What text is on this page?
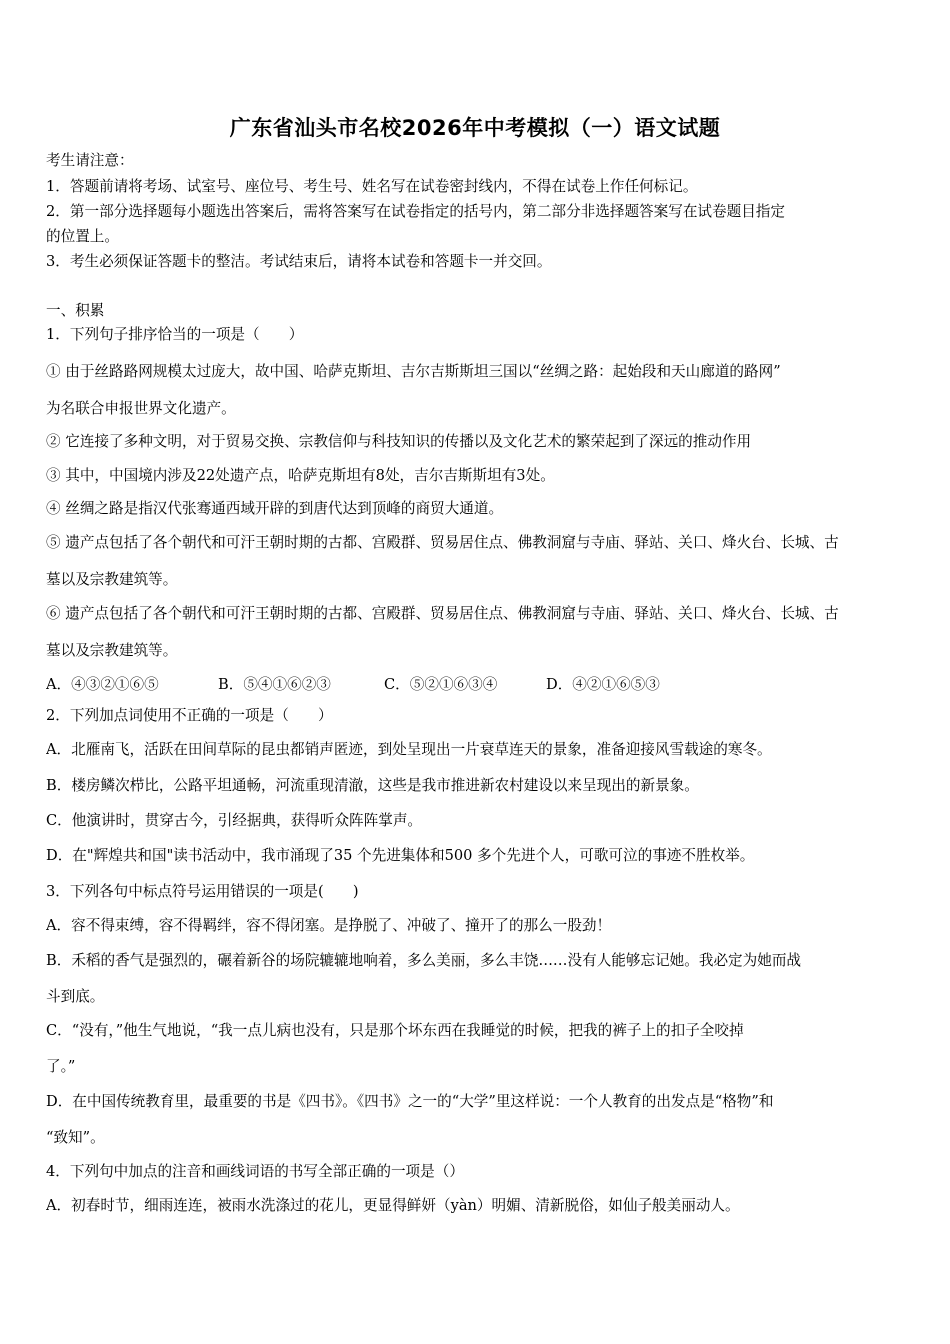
广东省汕头市名校2026年中考模拟（一）语文试题
考生请注意：
1．答题前请将考场、试室号、座位号、考生号、姓名写在试卷密封线内，不得在试卷上作任何标记。
2．第一部分选择题每小题选出答案后，需将答案写在试卷指定的括号内，第二部分非选择题答案写在试卷题目指定
的位置上。
3．考生必须保证答题卡的整洁。考试结束后，请将本试卷和答题卡一并交回。
一、积累
1．下列句子排序恰当的一项是（　　）
① 由于丝路路网规模太过庞大，故中国、哈萨克斯坦、吉尔吉斯斯坦三国以“丝绸之路：起始段和天山廊道的路网”
为名联合申报世界文化遗产。
② 它连接了多种文明，对于贸易交换、宗教信仰与科技知识的传播以及文化艺术的繁荣起到了深远的推动作用
③ 其中，中国境内涉及22处遗产点，哈萨克斯坦有8处，吉尔吉斯斯坦有3处。
④ 丝绸之路是指汉代张骞通西域开辟的到唐代达到顶峰的商贸大通道。
⑤ 遗产点包括了各个朝代和可汗王朝时期的古都、宫殿群、贸易居住点、佛教洞窟与寺庙、驿站、关口、烽火台、长城、古
墓以及宗教建筑等。
⑥ 遗产点包括了各个朝代和可汗王朝时期的古都、宫殿群、贸易居住点、佛教洞窟与寺庙、驿站、关口、烽火台、长城、古
墓以及宗教建筑等。
A．④③②①⑥⑤	B．⑤④①⑥②③	C．⑤②①⑥③④	D．④②①⑥⑤③
2．下列加点词使用不正确的一项是（　　）
A．北雁南飞，活跃在田间草际的昆虫都销声匿迹，到处呈现出一片衰草连天的景象，准备迎接风雪载途的寒冬。
B．楼房鳞次栉比，公路平坦通畅，河流重现清澈，这些是我市推进新农村建设以来呈现出的新景象。
C．他演讲时，贯穿古今，引经据典，获得听众阵阵掌声。
D．在"辉煌共和国"读书活动中，我市涌现了35 个先进集体和500 多个先进个人，可歌可泣的事迹不胜枚举。
3．下列各句中标点符号运用错误的一项是(　　)
A．容不得束缚，容不得羁绊，容不得闭塞。是挣脱了、冲破了、撞开了的那么一股劲！
B．禾稻的香气是强烈的，碾着新谷的场院辘辘地响着，多么美丽，多么丰饶……没有人能够忘记她。我必定为她而战
斗到底。
C．“没有，”他生气地说，“我一点儿病也没有，只是那个坏东西在我睡觉的时候，把我的裤子上的扣子全咬掉
了。”
D．在中国传统教育里，最重要的书是《四书》。《四书》之一的“大学”里这样说：一个人教育的出发点是“格物”和
“致知”。
4．下列句中加点的注音和画线词语的书写全部正确的一项是（）
A．初春时节，细雨连连，被雨水洗涤过的花儿，更显得鲜妍（yàn）明媚、清新脱俗，如仙子般美丽动人。
